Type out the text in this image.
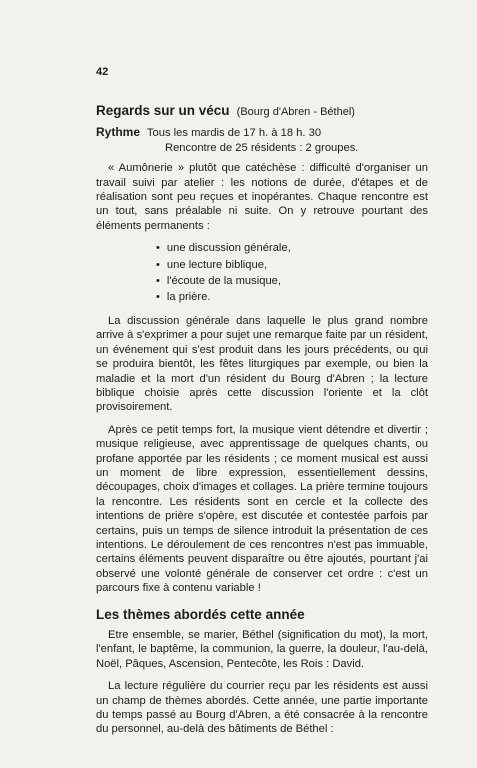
42
Regards sur un vécu (Bourg d'Abren - Béthel)
Rythme Tous les mardis de 17 h. à 18 h. 30
Rencontre de 25 résidents : 2 groupes.

« Aumônerie » plutôt que catéchèse : difficulté d'organiser un travail suivi par atelier : les notions de durée, d'étapes et de réalisation sont peu reçues et inopérantes. Chaque rencontre est un tout, sans préalable ni suite. On y retrouve pourtant des éléments permanents :

• une discussion générale,
• une lecture biblique,
• l'écoute de la musique,
• la prière.

La discussion générale dans laquelle le plus grand nombre arrive à s'exprimer a pour sujet une remarque faite par un résident, un événement qui s'est produit dans les jours précédents, ou qui se produira bientôt, les fêtes liturgiques par exemple, ou bien la maladie et la mort d'un résident du Bourg d'Abren ; la lecture biblique choisie après cette discussion l'oriente et la clôt provisoirement.

Après ce petit temps fort, la musique vient détendre et divertir ; musique religieuse, avec apprentissage de quelques chants, ou profane apportée par les résidents ; ce moment musical est aussi un moment de libre expression, essentiellement dessins, découpages, choix d'images et collages. La prière termine toujours la rencontre. Les résidents sont en cercle et la collecte des intentions de prière s'opère, est discutée et contestée parfois par certains, puis un temps de silence introduit la présentation de ces intentions. Le déroulement de ces rencontres n'est pas immuable, certains éléments peuvent disparaître ou être ajoutés, pourtant j'ai observé une volonté générale de conserver cet ordre : c'est un parcours fixe à contenu variable !

Les thèmes abordés cette année

Etre ensemble, se marier, Béthel (signification du mot), la mort, l'enfant, le baptême, la communion, la guerre, la douleur, l'au-delà, Noël, Pâques, Ascension, Pentecôte, les Rois : David.

La lecture régulière du courrier reçu par les résidents est aussi un champ de thèmes abordés. Cette année, une partie importante du temps passé au Bourg d'Abren, a été consacrée à la rencontre du personnel, au-delà des bâtiments de Béthel :
